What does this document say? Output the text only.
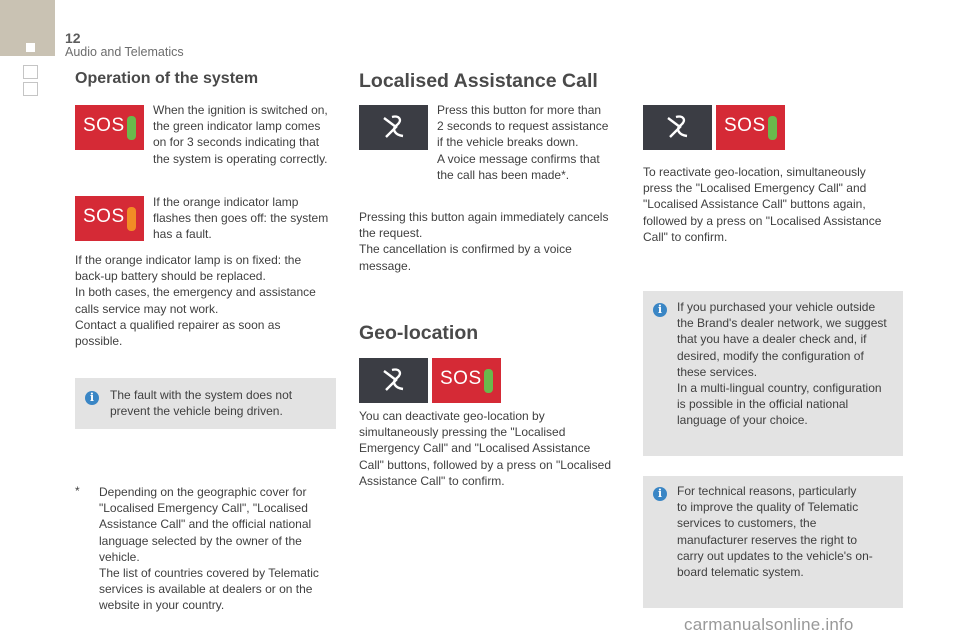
12
Audio and Telematics
Operation of the system
SOS
When the ignition is switched on,
the green indicator lamp comes
on for 3 seconds indicating that
the system is operating correctly.
SOS
If the orange indicator lamp
flashes then goes off: the system
has a fault.
If the orange indicator lamp is on fixed: the
back-up battery should be replaced.
In both cases, the emergency and assistance
calls service may not work.
Contact a qualified repairer as soon as
possible.
i	The fault with the system does not
prevent the vehicle being driven.
* Depending on the geographic cover for
"Localised Emergency Call", "Localised
Assistance Call" and the official national
language selected by the owner of the
vehicle.
The list of countries covered by Telematic
services is available at dealers or on the
website in your country.
Localised Assistance Call
Press this button for more than
2 seconds to request assistance
if the vehicle breaks down.
A voice message confirms that
the call has been made*.
Pressing this button again immediately cancels
the request.
The cancellation is confirmed by a voice
message.
Geo-location
SOS
You can deactivate geo-location by
simultaneously pressing the "Localised
Emergency Call" and "Localised Assistance
Call" buttons, followed by a press on "Localised
Assistance Call" to confirm.
SOS
To reactivate geo-location, simultaneously
press the "Localised Emergency Call" and
"Localised Assistance Call" buttons again,
followed by a press on "Localised Assistance
Call" to confirm.
i	If you purchased your vehicle outside
the Brand's dealer network, we suggest
that you have a dealer check and, if
desired, modify the configuration of
these services.
In a multi-lingual country, configuration
is possible in the official national
language of your choice.
i	For technical reasons, particularly
to improve the quality of Telematic
services to customers, the
manufacturer reserves the right to
carry out updates to the vehicle's on-
board telematic system.
carmanualsonline.info
